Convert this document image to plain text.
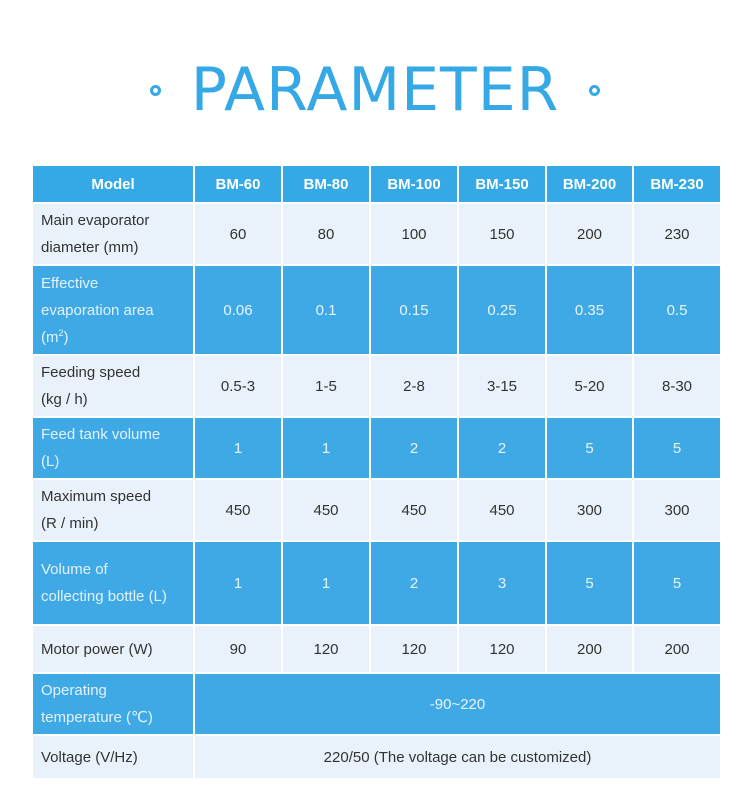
PARAMETER
Model	BM-60	BM-80	BM-100	BM-150	BM-200	BM-230
Main evaporator
diameter (mm)	60	80	100	150	200	230
Effective
evaporation area
$(m^2)$	0.06	0.1	0.15	0.25	0.35	0.5
Feeding speed
(kg / h)	0.5-3	1-5	2-8	3-15	5-20	8-30
Feed tank volume
(L)	1	1	2	2	5	5
Maximum speed
(R / min)	450	450	450	450	300	300
Volume of
collecting bottle (L)	1	1	2	3	5	5
Motor power (W)	90	120	120	120	200	200
Operating
temperature (℃)	-90~220					
Voltage (V/Hz)	220/50 (The voltage can be customized)					
